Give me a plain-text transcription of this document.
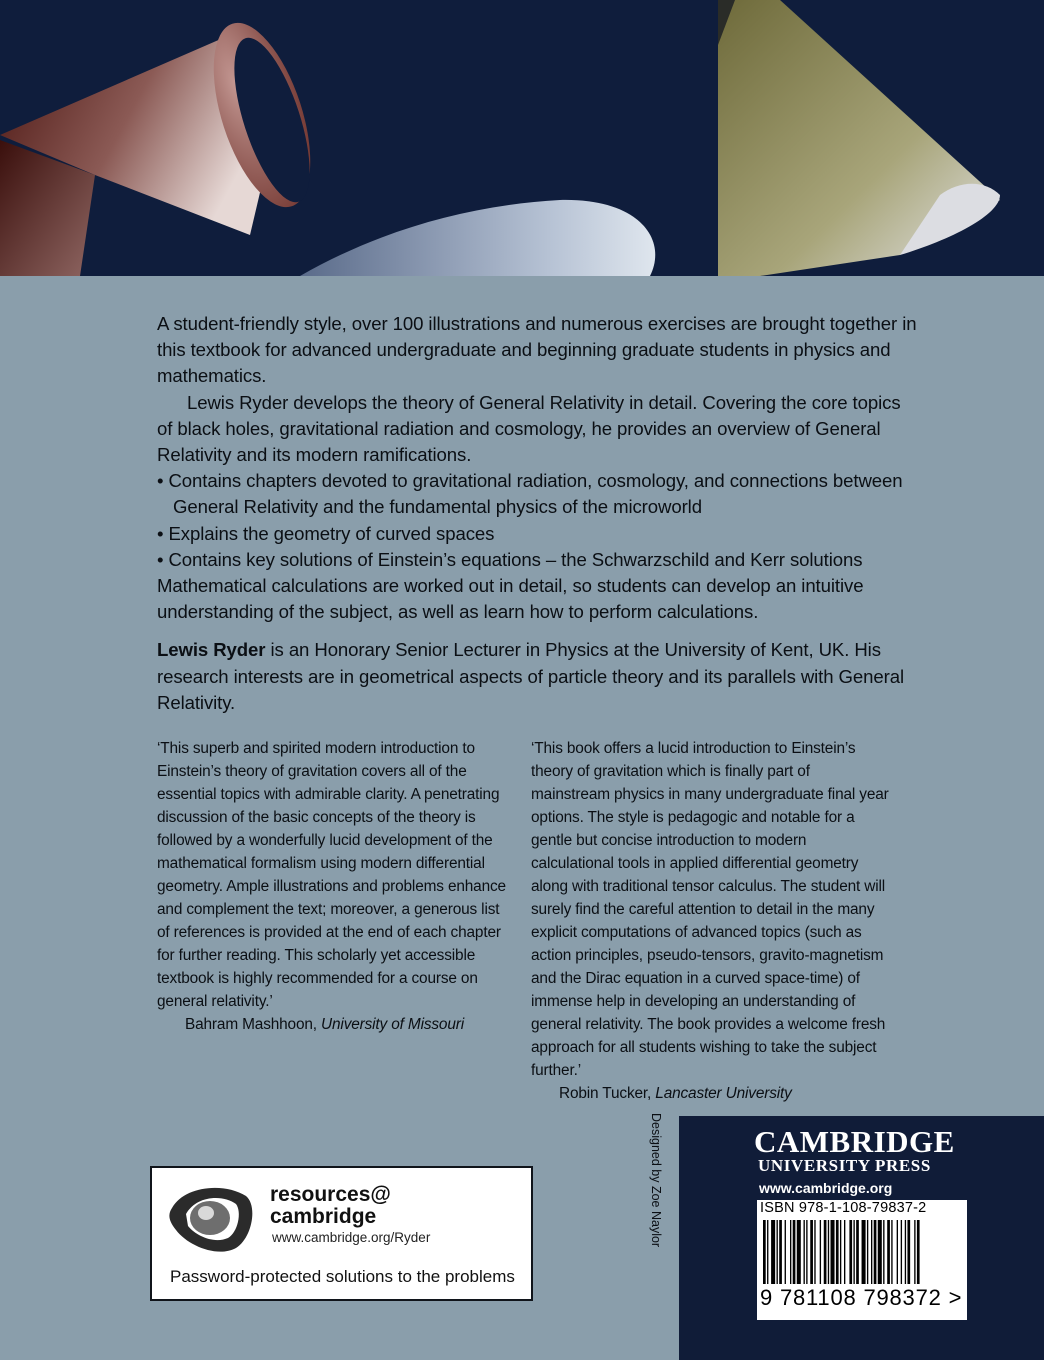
A student-friendly style, over 100 illustrations and numerous exercises are brought together in this textbook for advanced undergraduate and beginning graduate students in physics and mathematics.

Lewis Ryder develops the theory of General Relativity in detail. Covering the core topics of black holes, gravitational radiation and cosmology, he provides an overview of General Relativity and its modern ramifications.

• Contains chapters devoted to gravitational radiation, cosmology, and connections between General Relativity and the fundamental physics of the microworld

• Explains the geometry of curved spaces

• Contains key solutions of Einstein’s equations – the Schwarzschild and Kerr solutions

Mathematical calculations are worked out in detail, so students can develop an intuitive understanding of the subject, as well as learn how to perform calculations.

Lewis Ryder is an Honorary Senior Lecturer in Physics at the University of Kent, UK. His research interests are in geometrical aspects of particle theory and its parallels with General Relativity.

‘This superb and spirited modern introduction to Einstein’s theory of gravitation covers all of the essential topics with admirable clarity. A penetrating discussion of the basic concepts of the theory is followed by a wonderfully lucid development of the mathematical formalism using modern differential geometry. Ample illustrations and problems enhance and complement the text; moreover, a generous list of references is provided at the end of each chapter for further reading. This scholarly yet accessible textbook is highly recommended for a course on general relativity.’

Bahram Mashhoon, University of Missouri

‘This book offers a lucid introduction to Einstein’s theory of gravitation which is finally part of mainstream physics in many undergraduate final year options. The style is pedagogic and notable for a gentle but concise introduction to modern calculational tools in applied differential geometry along with traditional tensor calculus. The student will surely find the careful attention to detail in the many explicit computations of advanced topics (such as action principles, pseudo-tensors, gravito-magnetism and the Dirac equation in a curved space-time) of immense help in developing an understanding of general relativity. The book provides a welcome fresh approach for all students wishing to take the subject further.’

Robin Tucker, Lancaster University

Designed by Zoe Naylor
resources@
cambridge
www.cambridge.org/Ryder
Password-protected solutions to the problems
CAMBRIDGE
UNIVERSITY PRESS
www.cambridge.org
ISBN 978-1-108-79837-2
9 781108 798372 >
